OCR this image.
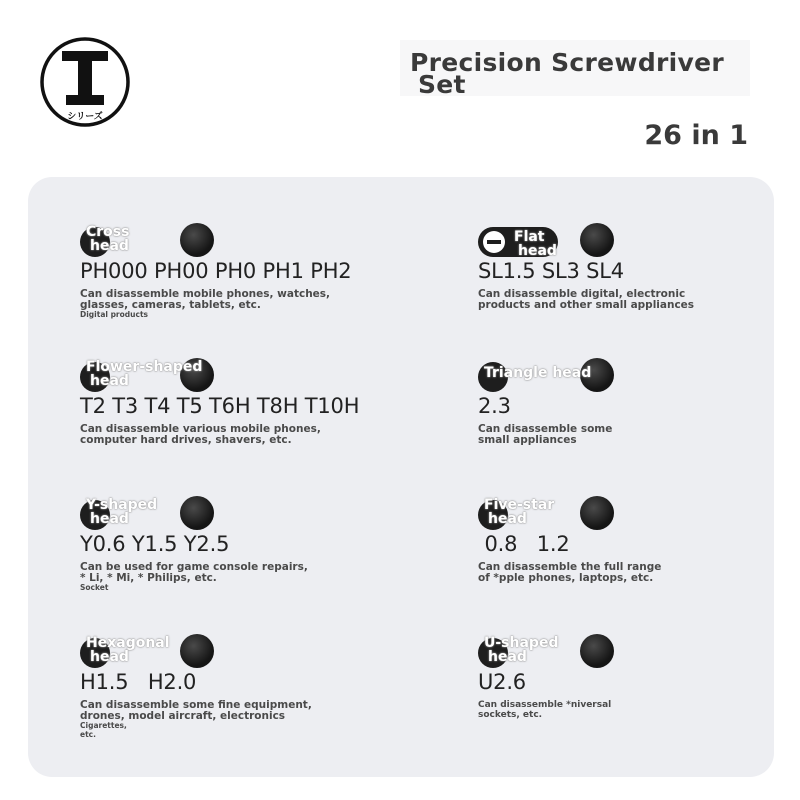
シリーズ
Precision Screwdriver
Set
26 in 1
Cross
head
PH000 PH00 PH0 PH1 PH2
Can disassemble mobile phones, watches,
glasses, cameras, tablets, etc.
Digital products
Flat
head
SL1.5 SL3 SL4
Can disassemble digital, electronic
products and other small appliances
Flower-shaped
head
T2 T3 T4 T5 T6H T8H T10H
Can disassemble various mobile phones,
computer hard drives, shavers, etc.
Triangle head
2.3
Can disassemble some
small appliances
Y-shaped
head
Y0.6 Y1.5 Y2.5
Can be used for game console repairs,
* Li, * Mi, * Philips, etc.
Socket
Five-star
head
0.8   1.2
Can disassemble the full range
of *pple phones, laptops, etc.
Hexagonal
head
H1.5   H2.0
Can disassemble some fine equipment,
drones, model aircraft, electronics
Cigarettes,
etc.
U-shaped
head
U2.6
Can disassemble *niversal
sockets, etc.
